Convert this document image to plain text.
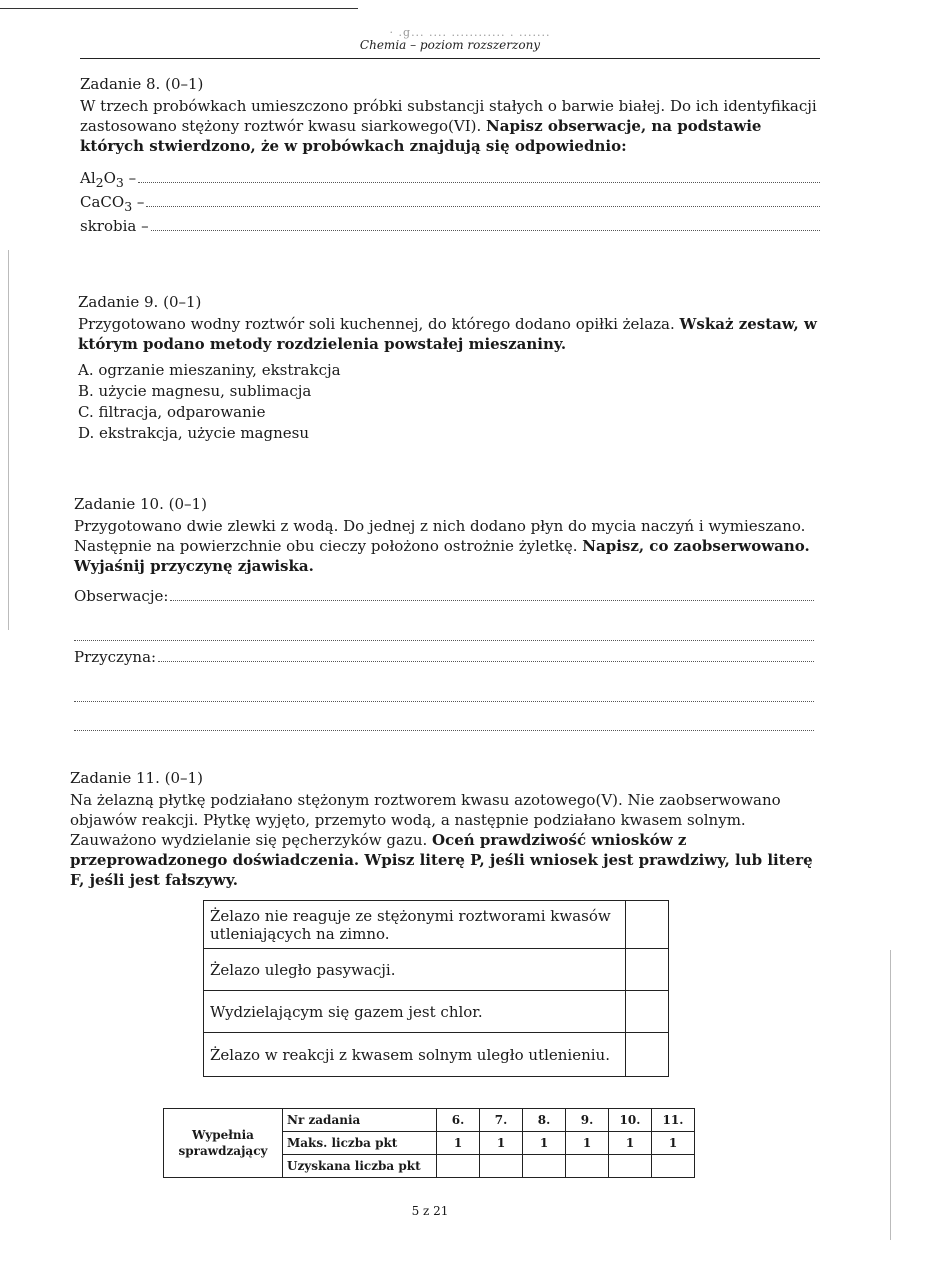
· .g... .... ............ . .......
Chemia – poziom rozszerzony
Zadanie 8. (0–1)

W trzech probówkach umieszczono próbki substancji stałych o barwie białej. Do ich identyfikacji zastosowano stężony roztwór kwasu siarkowego(VI). Napisz obserwacje, na podstawie których stwierdzono, że w probówkach znajdują się odpowiednio:

$Al_2O_3$ –
CaCO$_3$ –
skrobia –
Zadanie 9. (0–1)

Przygotowano wodny roztwór soli kuchennej, do którego dodano opiłki żelaza. Wskaż zestaw, w którym podano metody rozdzielenia powstałej mieszaniny.

A. ogrzanie mieszaniny, ekstrakcja
B. użycie magnesu, sublimacja
C. filtracja, odparowanie
D. ekstrakcja, użycie magnesu
Zadanie 10. (0–1)

Przygotowano dwie zlewki z wodą. Do jednej z nich dodano płyn do mycia naczyń i wymieszano. Następnie na powierzchnie obu cieczy położono ostrożnie żyletkę. Napisz, co zaobserwowano. Wyjaśnij przyczynę zjawiska.

Obserwacje:
Przyczyna:
Zadanie 11. (0–1)

Na żelazną płytkę podziałano stężonym roztworem kwasu azotowego(V). Nie zaobserwowano objawów reakcji. Płytkę wyjęto, przemyto wodą, a następnie podziałano kwasem solnym. Zauważono wydzielanie się pęcherzyków gazu. Oceń prawdziwość wniosków z przeprowadzonego doświadczenia. Wpisz literę P, jeśli wniosek jest prawdziwy, lub literę F, jeśli jest fałszywy.

Żelazo nie reaguje ze stężonymi roztworami kwasów utleniających na zimno.	
Żelazo uległo pasywacji.	
Wydzielającym się gazem jest chlor.	
Żelazo w reakcji z kwasem solnym uległo utlenieniu.	
Wypełnia sprawdzający	Nr zadania	6.	7.	8.	9.	10.	11.
	Maks. liczba pkt	1	1	1	1	1	1
	Uzyskana liczba pkt						
5 z 21
